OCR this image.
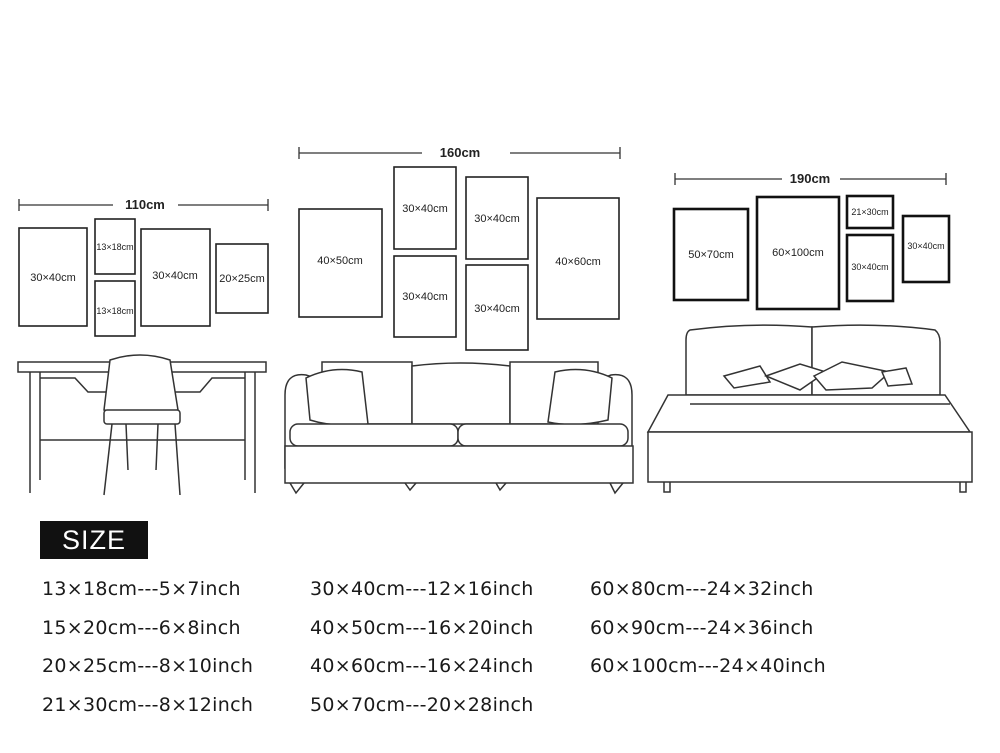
110cm
30×40cm
13×18cm
13×18cm
30×40cm 20×25cm
160cm
40×50cm
30×40cm
30×40cm
30×40cm
30×40cm
40×60cm
190cm
50×70cm	60×100cm
21×30cm
30×40cm
30×40cm
SIZE
13×18cm---5×7inch
15×20cm---6×8inch
20×25cm---8×10inch
21×30cm---8×12inch
30×40cm---12×16inch
40×50cm---16×20inch
40×60cm---16×24inch
50×70cm---20×28inch
60×80cm---24×32inch
60×90cm---24×36inch
60×100cm---24×40inch
